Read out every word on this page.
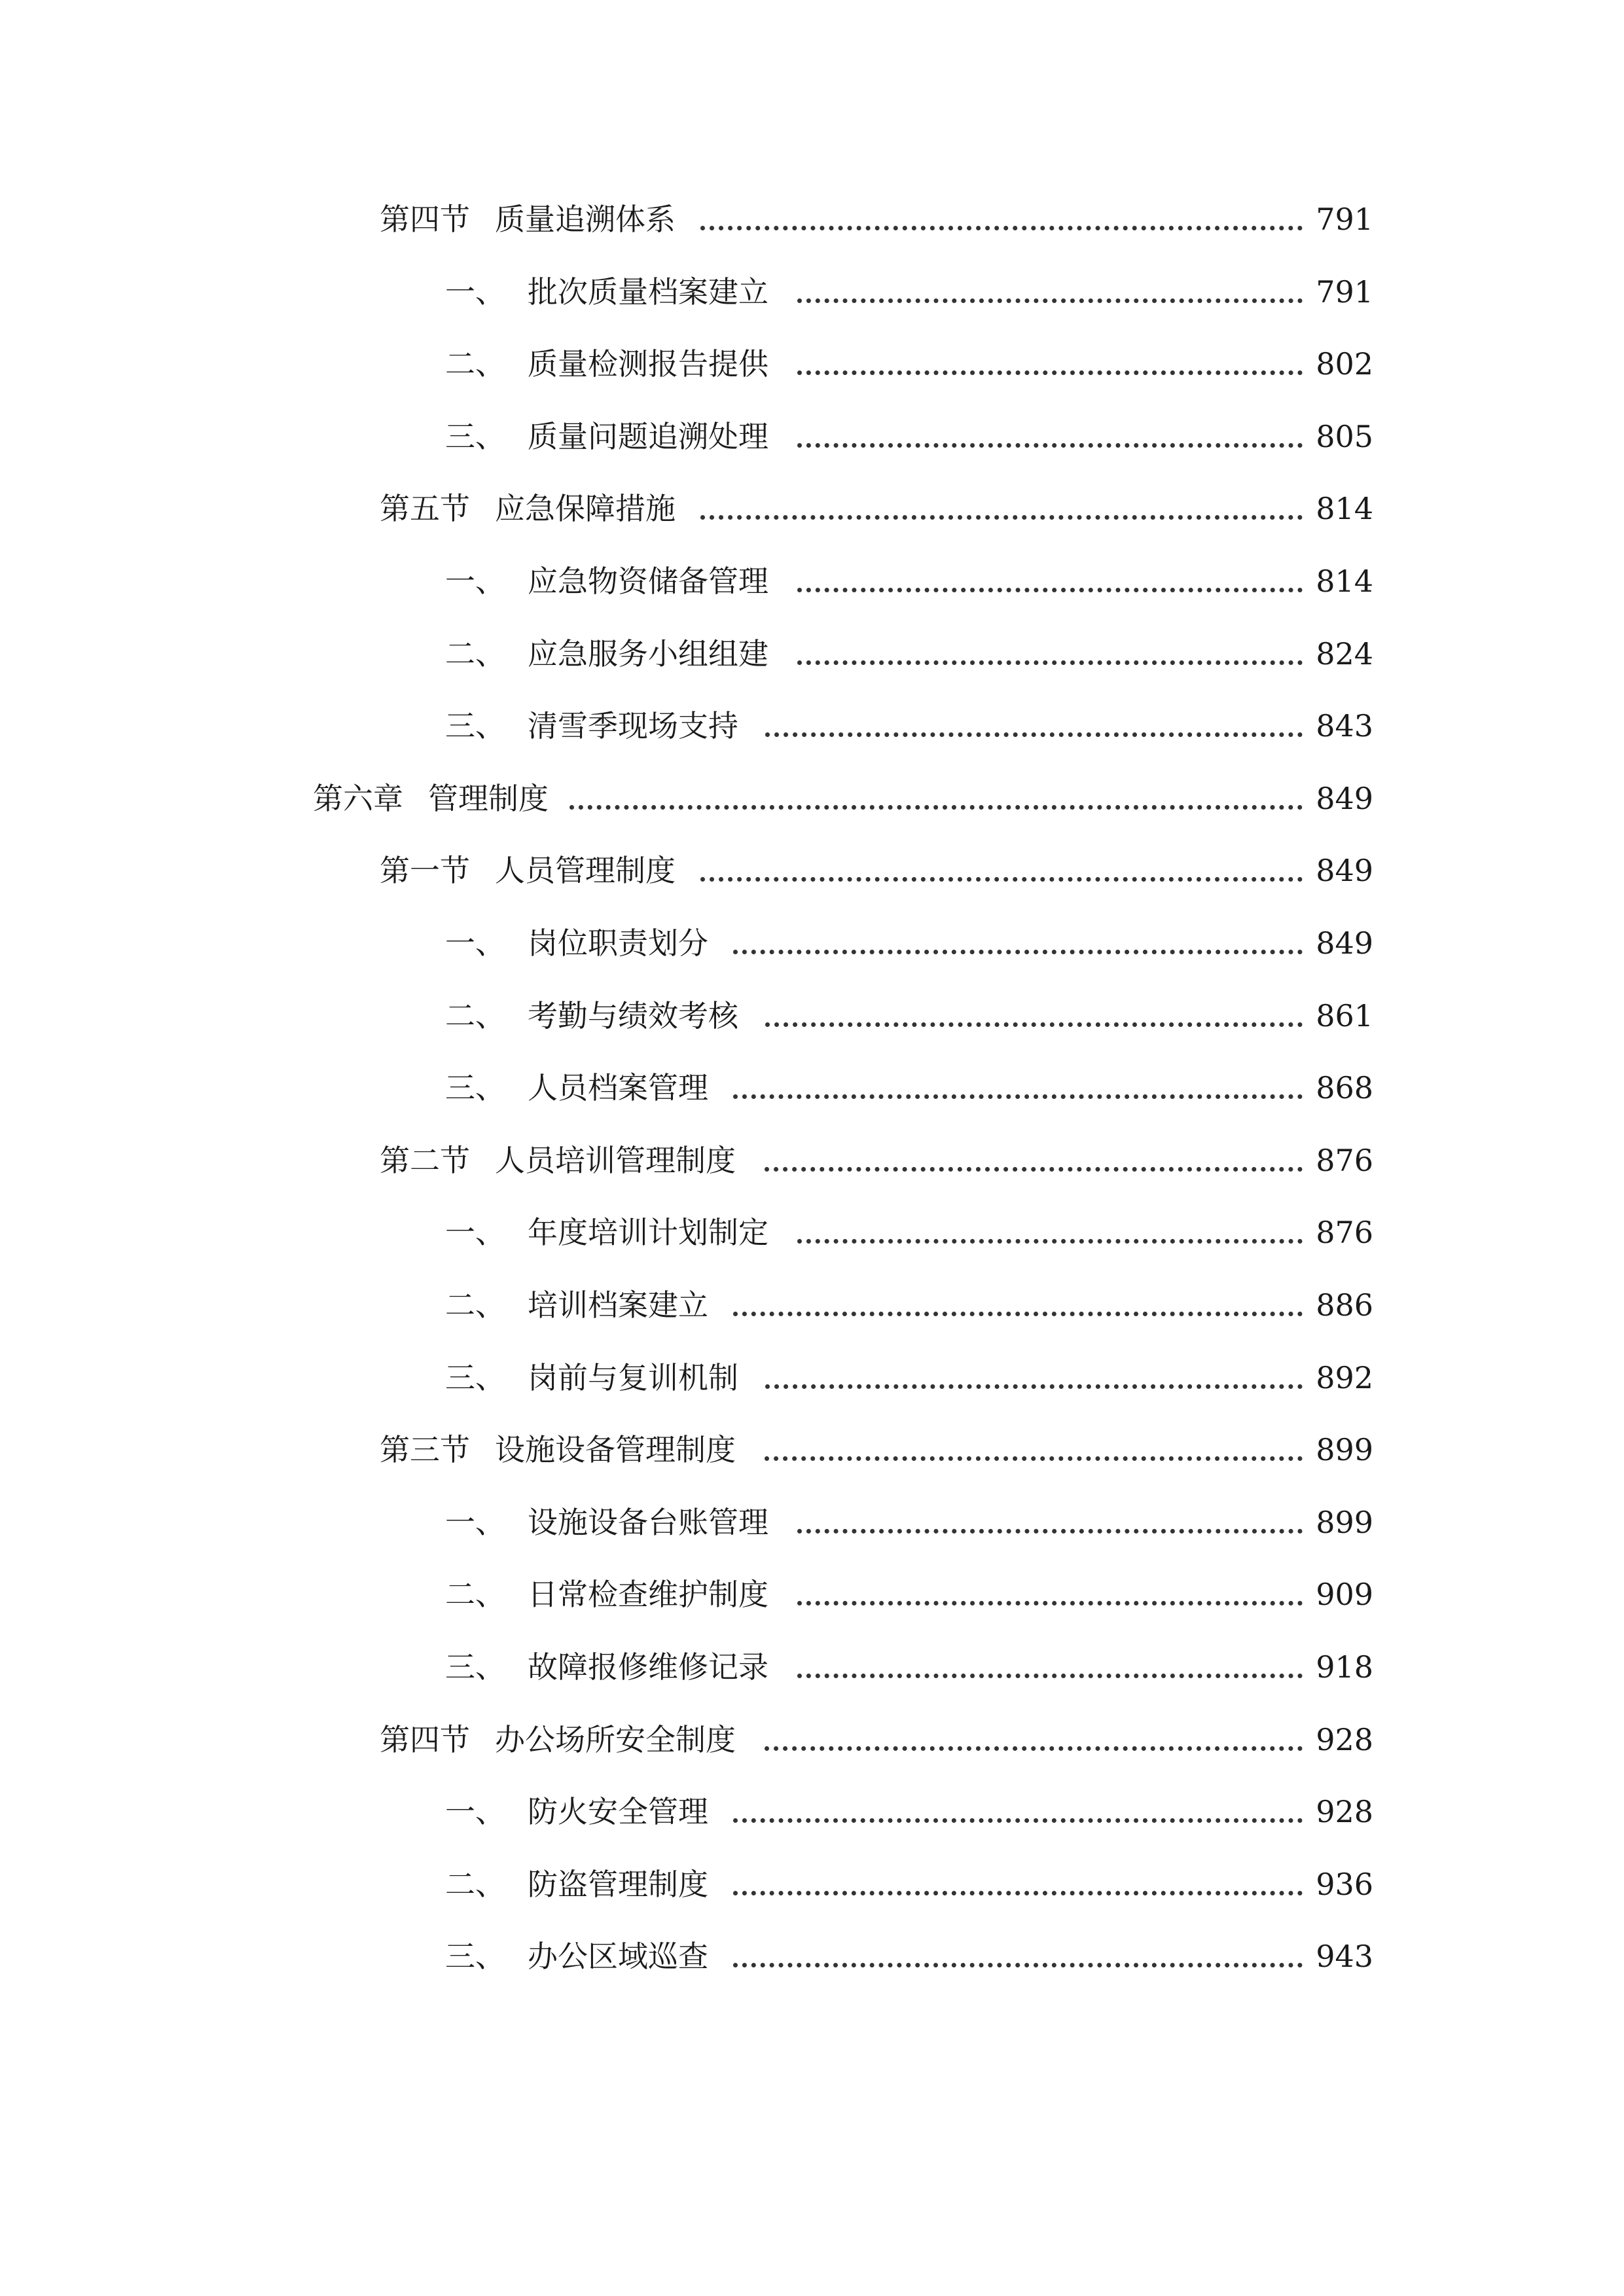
第四节 质量追溯体系	791
一、 批次质量档案建立	791
二、 质量检测报告提供	802
三、 质量问题追溯处理	805
第五节 应急保障措施	814
一、 应急物资储备管理	814
二、 应急服务小组组建	824
三、 清雪季现场支持	843
第六章 管理制度	849
第一节 人员管理制度	849
一、 岗位职责划分	849
二、 考勤与绩效考核	861
三、 人员档案管理	868
第二节 人员培训管理制度	876
一、 年度培训计划制定	876
二、 培训档案建立	886
三、 岗前与复训机制	892
第三节 设施设备管理制度	899
一、 设施设备台账管理	899
二、 日常检查维护制度	909
三、 故障报修维修记录	918
第四节 办公场所安全制度	928
一、 防火安全管理	928
二、 防盗管理制度	936
三、 办公区域巡查	943
